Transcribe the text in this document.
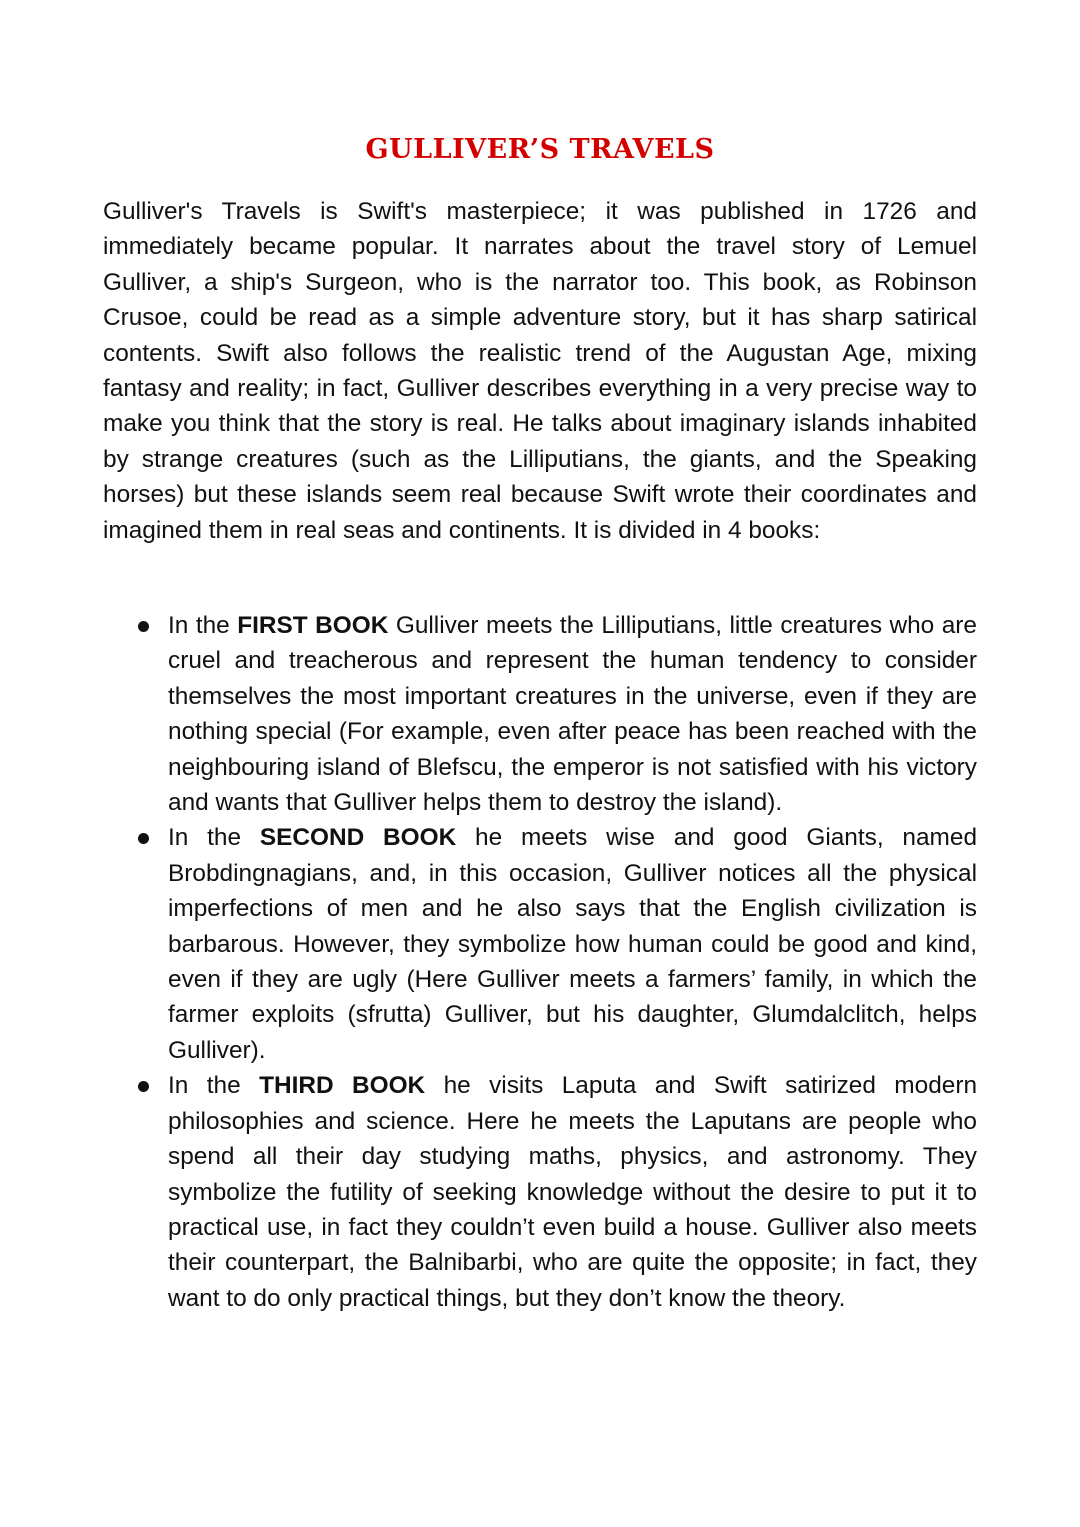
GULLIVER’S TRAVELS

Gulliver's Travels is Swift's masterpiece; it was published in 1726 and immediately became popular. It narrates about the travel story of Lemuel Gulliver, a ship's Surgeon, who is the narrator too. This book, as Robinson Crusoe, could be read as a simple adventure story, but it has sharp satirical contents. Swift also follows the realistic trend of the Augustan Age, mixing fantasy and reality; in fact, Gulliver describes everything in a very precise way to make you think that the story is real. He talks about imaginary islands inhabited by strange creatures (such as the Lilliputians, the giants, and the Speaking horses) but these islands seem real because Swift wrote their coordinates and imagined them in real seas and continents. It is divided in 4 books:

In the FIRST BOOK Gulliver meets the Lilliputians, little creatures who are cruel and treacherous and represent the human tendency to consider themselves the most important creatures in the universe, even if they are nothing special (For example, even after peace has been reached with the neighbouring island of Blefscu, the emperor is not satisfied with his victory and wants that Gulliver helps them to destroy the island).
In the SECOND BOOK he meets wise and good Giants, named Brobdingnagians, and, in this occasion, Gulliver notices all the physical imperfections of men and he also says that the English civilization is barbarous. However, they symbolize how human could be good and kind, even if they are ugly (Here Gulliver meets a farmers’ family, in which the farmer exploits (sfrutta) Gulliver, but his daughter, Glumdalclitch, helps Gulliver).
In the THIRD BOOK he visits Laputa and Swift satirized modern philosophies and science. Here he meets the Laputans are people who spend all their day studying maths, physics, and astronomy. They symbolize the futility of seeking knowledge without the desire to put it to practical use, in fact they couldn’t even build a house. Gulliver also meets their counterpart, the Balnibarbi, who are quite the opposite; in fact, they want to do only practical things, but they don’t know the theory.
